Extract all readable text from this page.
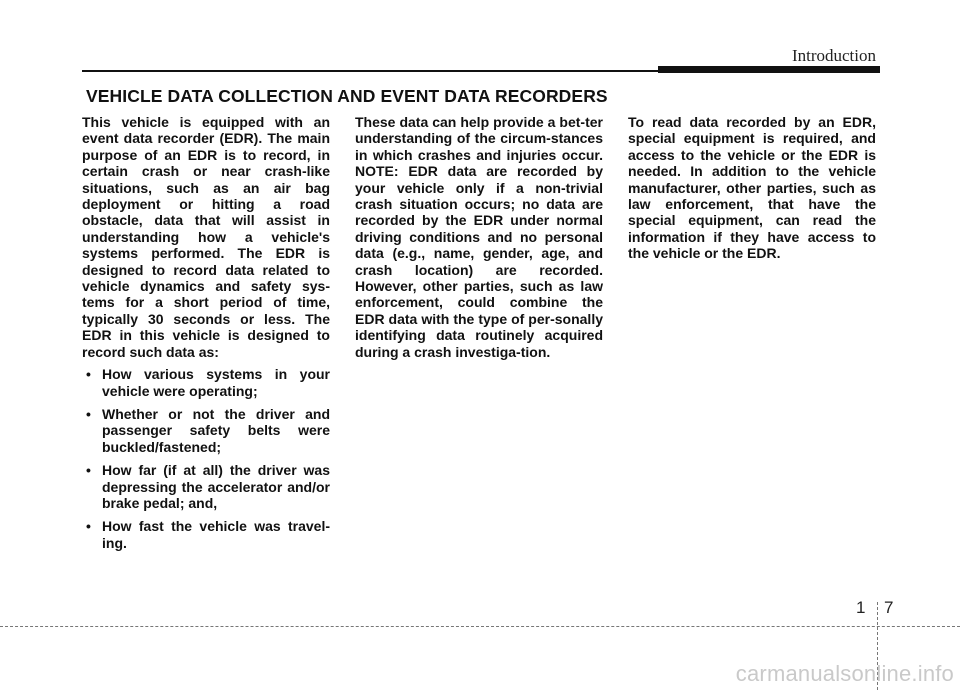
Introduction
VEHICLE DATA COLLECTION AND EVENT DATA RECORDERS

This vehicle is equipped with an event data recorder (EDR). The main purpose of an EDR is to record, in certain crash or near crash-like situations, such as an air bag deployment or hitting a road obstacle, data that will assist in understanding how a vehicle's systems performed. The EDR is designed to record data related to vehicle dynamics and safety sys-tems for a short period of time, typically 30 seconds or less. The EDR in this vehicle is designed to record such data as:

• How various systems in your vehicle were operating;
• Whether or not the driver and passenger safety belts were buckled/fastened;
• How far (if at all) the driver was depressing the accelerator and/or brake pedal; and,
• How fast the vehicle was travel-ing.

These data can help provide a bet-ter understanding of the circum-stances in which crashes and injuries occur. NOTE: EDR data are recorded by your vehicle only if a non-trivial crash situation occurs; no data are recorded by the EDR under normal driving conditions and no personal data (e.g., name, gender, age, and crash location) are recorded. However, other parties, such as law enforcement, could combine the EDR data with the type of per-sonally identifying data routinely acquired during a crash investiga-tion.

To read data recorded by an EDR, special equipment is required, and access to the vehicle or the EDR is needed. In addition to the vehicle manufacturer, other parties, such as law enforcement, that have the special equipment, can read the information if they have access to the vehicle or the EDR.

1 7
carmanualsonline.info
